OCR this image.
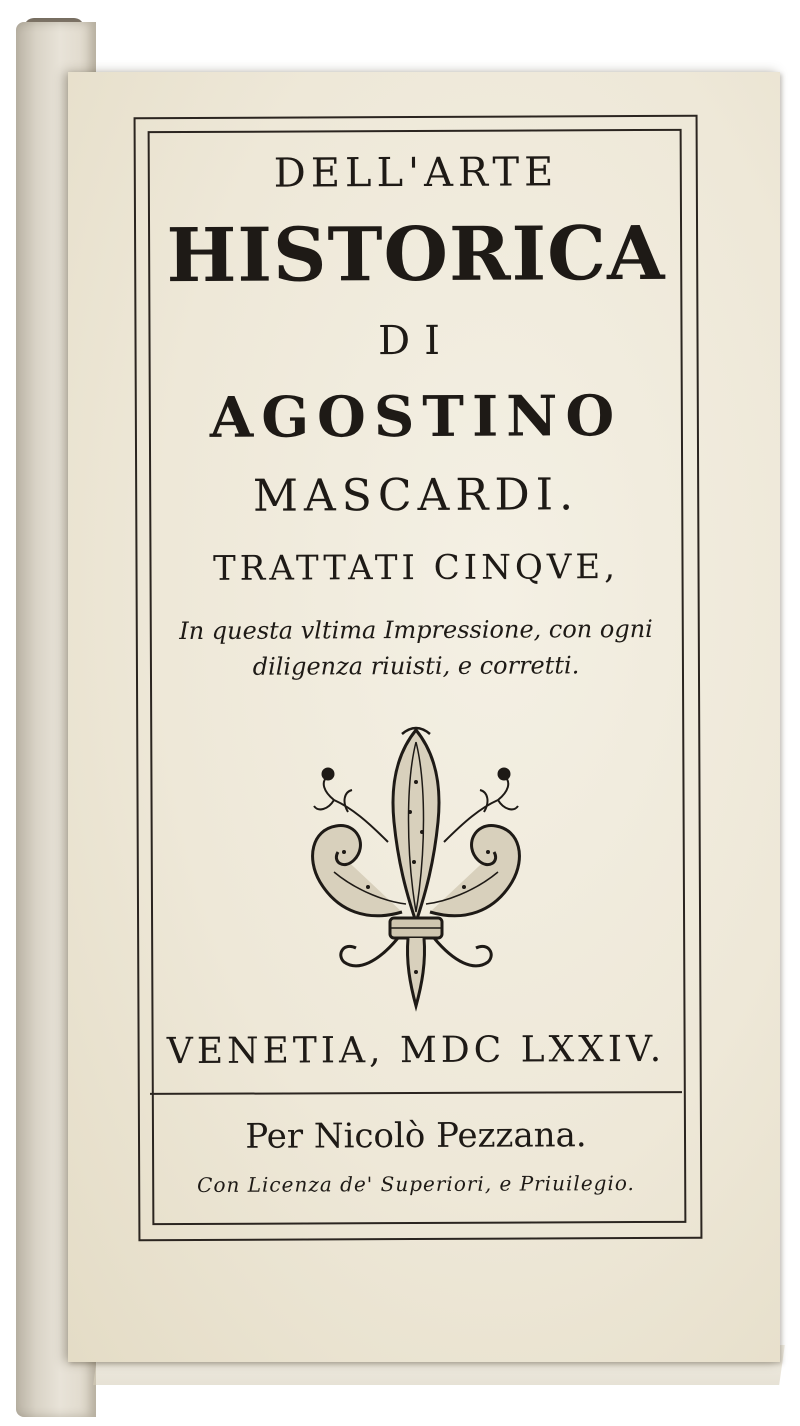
DELL'ARTE
HISTORICA
DI
AGOSTINO
MASCARDI.
TRATTATI CINQVE,
In questa vltima Impressione, con ogni
diligenza riuisti, e corretti.
VENETIA, MDC LXXIV.
Per Nicolò Pezzana.
Con Licenza de' Superiori, e Priuilegio.
